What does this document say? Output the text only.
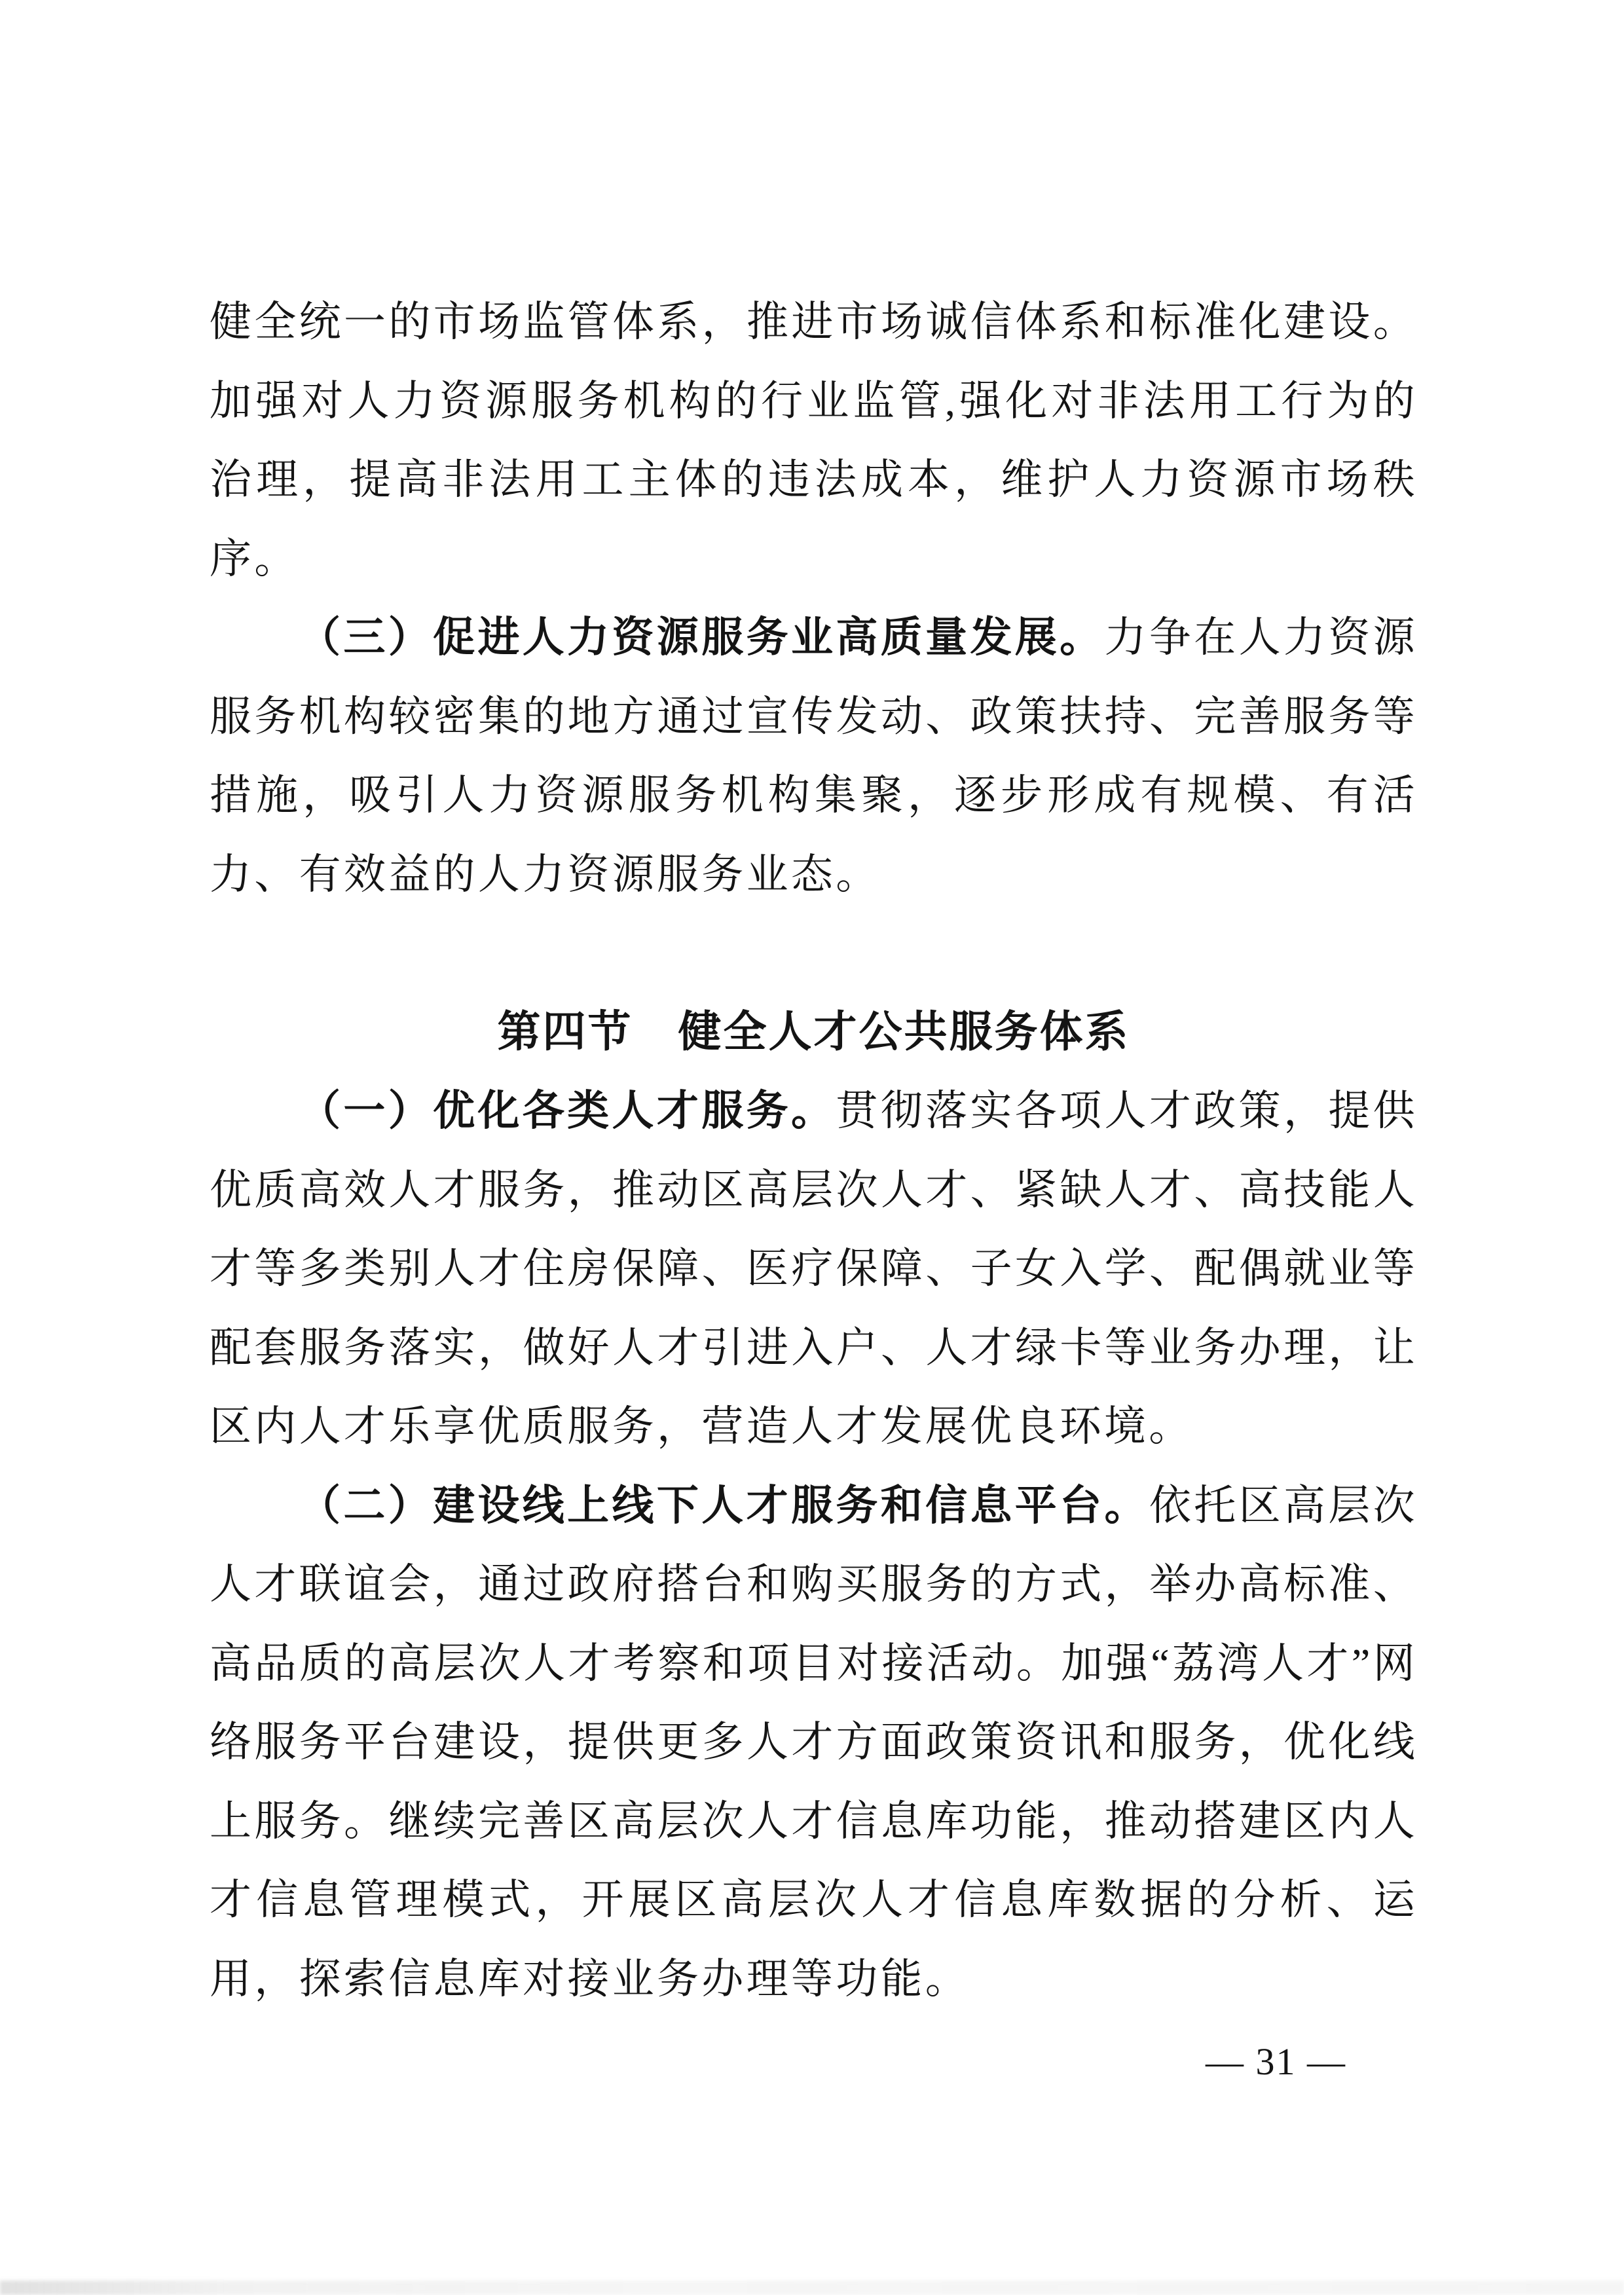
健全统一的市场监管体系，推进市场诚信体系和标准化建设。加强对人力资源服务机构的行业监管,强化对非法用工行为的治理，提高非法用工主体的违法成本，维护人力资源市场秩序。

（三）促进人力资源服务业高质量发展。力争在人力资源服务机构较密集的地方通过宣传发动、政策扶持、完善服务等措施，吸引人力资源服务机构集聚，逐步形成有规模、有活力、有效益的人力资源服务业态。

第四节　健全人才公共服务体系

（一）优化各类人才服务。贯彻落实各项人才政策，提供优质高效人才服务，推动区高层次人才、紧缺人才、高技能人才等多类别人才住房保障、医疗保障、子女入学、配偶就业等配套服务落实，做好人才引进入户、人才绿卡等业务办理，让区内人才乐享优质服务，营造人才发展优良环境。

（二）建设线上线下人才服务和信息平台。依托区高层次人才联谊会，通过政府搭台和购买服务的方式，举办高标准、高品质的高层次人才考察和项目对接活动。加强“荔湾人才”网络服务平台建设，提供更多人才方面政策资讯和服务，优化线上服务。继续完善区高层次人才信息库功能，推动搭建区内人才信息管理模式，开展区高层次人才信息库数据的分析、运用，探索信息库对接业务办理等功能。

— 31 —
